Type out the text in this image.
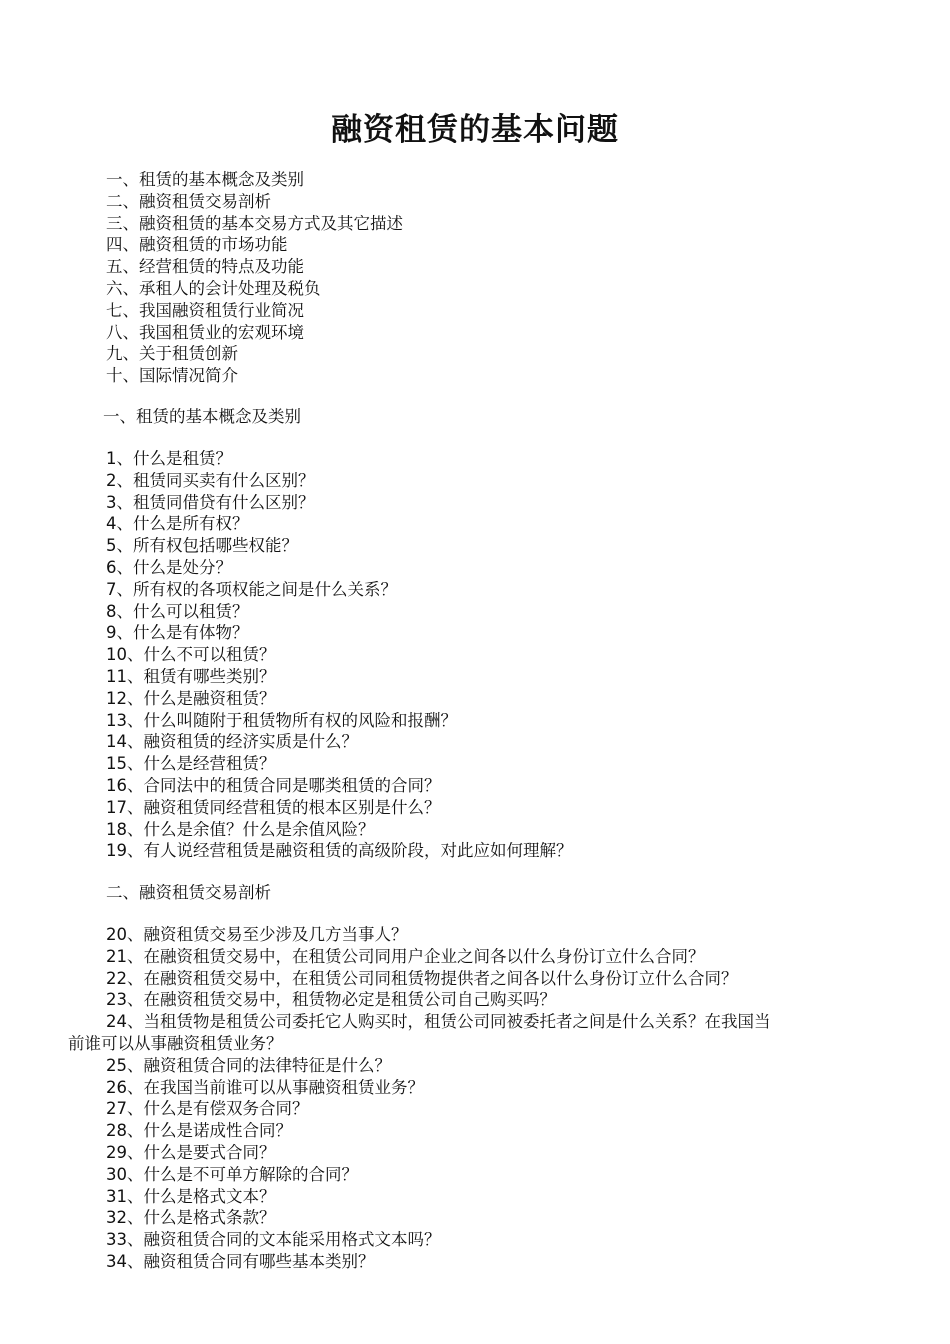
融资租赁的基本问题
一、租赁的基本概念及类别
二、融资租赁交易剖析
三、融资租赁的基本交易方式及其它描述
四、融资租赁的市场功能
五、经营租赁的特点及功能
六、承租人的会计处理及税负
七、我国融资租赁行业简况
八、我国租赁业的宏观环境
九、关于租赁创新
十、国际情况简介
一、租赁的基本概念及类别
1、什么是租赁？
2、租赁同买卖有什么区别？
3、租赁同借贷有什么区别？
4、什么是所有权？
5、所有权包括哪些权能？
6、什么是处分？
7、所有权的各项权能之间是什么关系？
8、什么可以租赁？
9、什么是有体物？
10、什么不可以租赁？
11、租赁有哪些类别？
12、什么是融资租赁？
13、什么叫随附于租赁物所有权的风险和报酬？
14、融资租赁的经济实质是什么？
15、什么是经营租赁？
16、合同法中的租赁合同是哪类租赁的合同？
17、融资租赁同经营租赁的根本区别是什么？
18、什么是余值？什么是余值风险？
19、有人说经营租赁是融资租赁的高级阶段，对此应如何理解？
二、融资租赁交易剖析
20、融资租赁交易至少涉及几方当事人？
21、在融资租赁交易中，在租赁公司同用户企业之间各以什么身份订立什么合同？
22、在融资租赁交易中，在租赁公司同租赁物提供者之间各以什么身份订立什么合同？
23、在融资租赁交易中，租赁物必定是租赁公司自己购买吗？
24、当租赁物是租赁公司委托它人购买时，租赁公司同被委托者之间是什么关系？在我国当
前谁可以从事融资租赁业务？
25、融资租赁合同的法律特征是什么？
26、在我国当前谁可以从事融资租赁业务？
27、什么是有偿双务合同？
28、什么是诺成性合同？
29、什么是要式合同？
30、什么是不可单方解除的合同？
31、什么是格式文本？
32、什么是格式条款？
33、融资租赁合同的文本能采用格式文本吗？
34、融资租赁合同有哪些基本类别？
